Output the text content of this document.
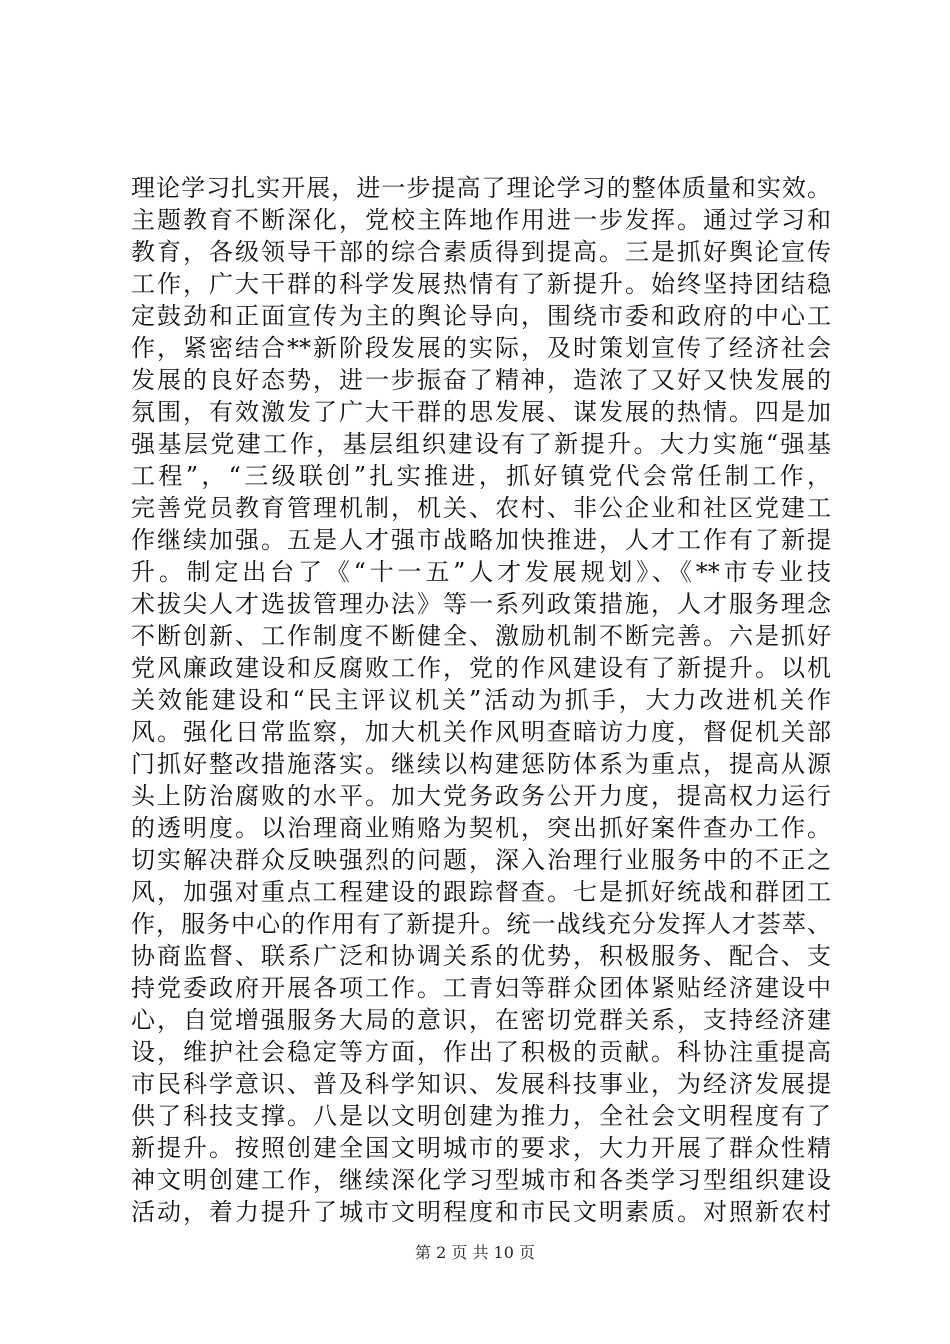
理论学习扎实开展，进一步提高了理论学习的整体质量和实效。
主题教育不断深化，党校主阵地作用进一步发挥。通过学习和
教育，各级领导干部的综合素质得到提高。三是抓好舆论宣传
工作，广大干群的科学发展热情有了新提升。始终坚持团结稳
定鼓劲和正面宣传为主的舆论导向，围绕市委和政府的中心工
作，紧密结合**新阶段发展的实际，及时策划宣传了经济社会
发展的良好态势，进一步振奋了精神，造浓了又好又快发展的
氛围，有效激发了广大干群的思发展、谋发展的热情。四是加
强基层党建工作，基层组织建设有了新提升。大力实施“强基
工程”，“三级联创”扎实推进，抓好镇党代会常任制工作，
完善党员教育管理机制，机关、农村、非公企业和社区党建工
作继续加强。五是人才强市战略加快推进，人才工作有了新提
升。制定出台了《“十一五”人才发展规划》、《**市专业技
术拔尖人才选拔管理办法》等一系列政策措施，人才服务理念
不断创新、工作制度不断健全、激励机制不断完善。六是抓好
党风廉政建设和反腐败工作，党的作风建设有了新提升。以机
关效能建设和“民主评议机关”活动为抓手，大力改进机关作
风。强化日常监察，加大机关作风明查暗访力度，督促机关部
门抓好整改措施落实。继续以构建惩防体系为重点，提高从源
头上防治腐败的水平。加大党务政务公开力度，提高权力运行
的透明度。以治理商业贿赂为契机，突出抓好案件查办工作。
切实解决群众反映强烈的问题，深入治理行业服务中的不正之
风，加强对重点工程建设的跟踪督查。七是抓好统战和群团工
作，服务中心的作用有了新提升。统一战线充分发挥人才荟萃、
协商监督、联系广泛和协调关系的优势，积极服务、配合、支
持党委政府开展各项工作。工青妇等群众团体紧贴经济建设中
心，自觉增强服务大局的意识，在密切党群关系，支持经济建
设，维护社会稳定等方面，作出了积极的贡献。科协注重提高
市民科学意识、普及科学知识、发展科技事业，为经济发展提
供了科技支撑。八是以文明创建为推力，全社会文明程度有了
新提升。按照创建全国文明城市的要求，大力开展了群众性精
神文明创建工作，继续深化学习型城市和各类学习型组织建设
活动，着力提升了城市文明程度和市民文明素质。对照新农村
第 2 页 共 10 页
